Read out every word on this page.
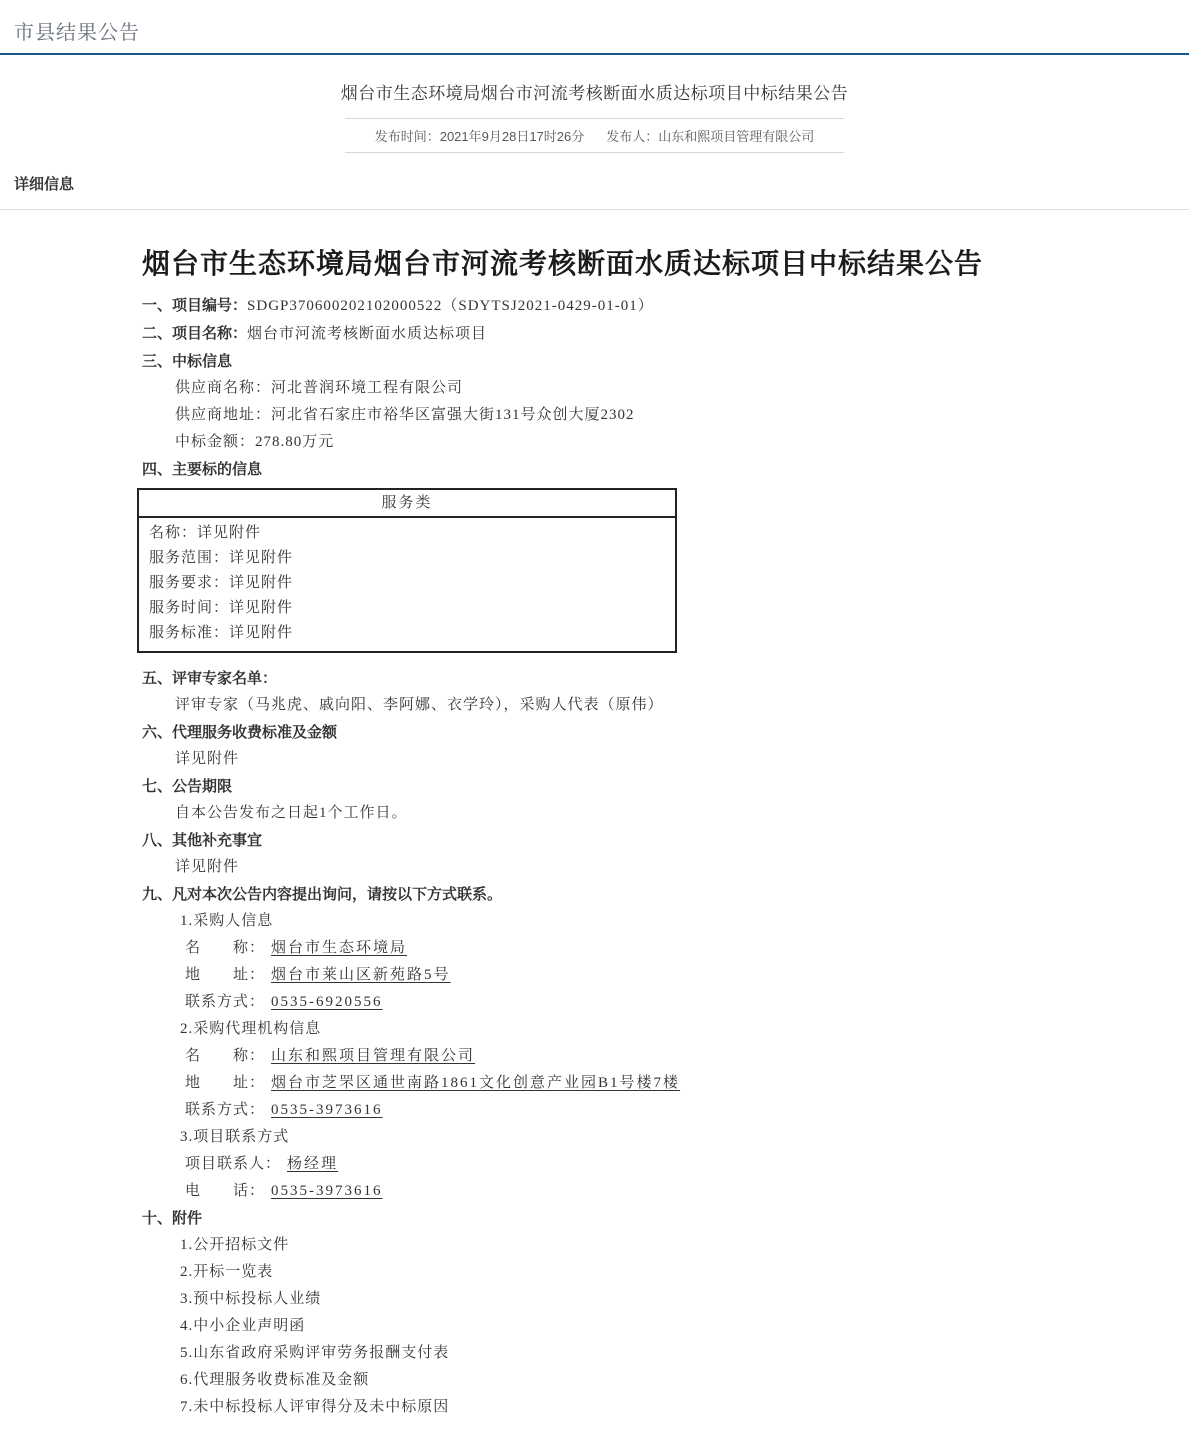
市县结果公告
烟台市生态环境局烟台市河流考核断面水质达标项目中标结果公告
发布时间：2021年9月28日17时26分 发布人：山东和熙项目管理有限公司
详细信息
烟台市生态环境局烟台市河流考核断面水质达标项目中标结果公告

一、项目编号：SDGP370600202102000522（SDYTSJ2021-0429-01-01）

二、项目名称：烟台市河流考核断面水质达标项目

三、中标信息

供应商名称：河北普润环境工程有限公司

供应商地址：河北省石家庄市裕华区富强大街131号众创大厦2302

中标金额：278.80万元

四、主要标的信息

服务类

名称：详见附件

服务范围：详见附件

服务要求：详见附件

服务时间：详见附件

服务标准：详见附件

五、评审专家名单：

评审专家（马兆虎、戚向阳、李阿娜、衣学玲），采购人代表（原伟）

六、代理服务收费标准及金额

详见附件

七、公告期限

自本公告发布之日起1个工作日。

八、其他补充事宜

详见附件

九、凡对本次公告内容提出询问，请按以下方式联系。

1.采购人信息

名　　称： 烟台市生态环境局

地　　址： 烟台市莱山区新苑路5号

联系方式： 0535-6920556

2.采购代理机构信息

名　　称： 山东和熙项目管理有限公司

地　　址： 烟台市芝罘区通世南路1861文化创意产业园B1号楼7楼

联系方式： 0535-3973616

3.项目联系方式

项目联系人： 杨经理

电　　话： 0535-3973616

十、附件

1.公开招标文件

2.开标一览表

3.预中标投标人业绩

4.中小企业声明函

5.山东省政府采购评审劳务报酬支付表

6.代理服务收费标准及金额

7.未中标投标人评审得分及未中标原因
